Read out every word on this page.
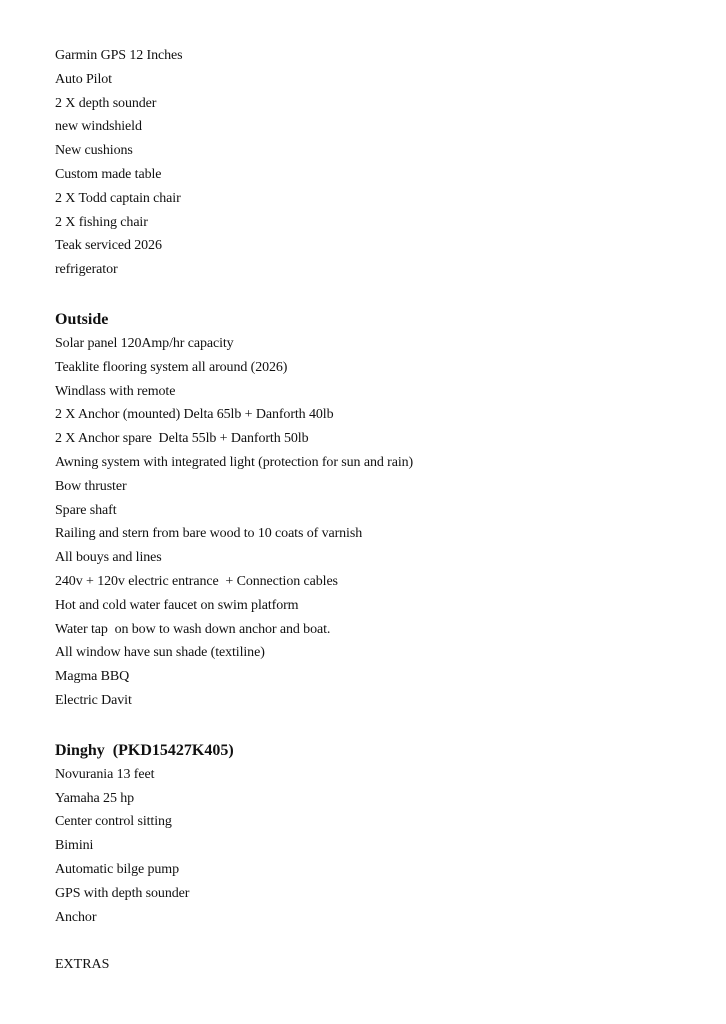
Garmin GPS 12 Inches
Auto Pilot
2 X depth sounder
new windshield
New cushions
Custom made table
2 X Todd captain chair
2 X fishing chair
Teak serviced 2026
refrigerator
Outside
Solar panel 120Amp/hr capacity
Teaklite flooring system all around (2026)
Windlass with remote
2 X Anchor (mounted) Delta 65lb + Danforth 40lb
2 X Anchor spare  Delta 55lb + Danforth 50lb
Awning system with integrated light (protection for sun and rain)
Bow thruster
Spare shaft
Railing and stern from bare wood to 10 coats of varnish
All bouys and lines
240v + 120v electric entrance  + Connection cables
Hot and cold water faucet on swim platform
Water tap  on bow to wash down anchor and boat.
All window have sun shade (textiline)
Magma BBQ
Electric Davit
Dinghy  (PKD15427K405)
Novurania 13 feet
Yamaha 25 hp
Center control sitting
Bimini
Automatic bilge pump
GPS with depth sounder
Anchor
EXTRAS
